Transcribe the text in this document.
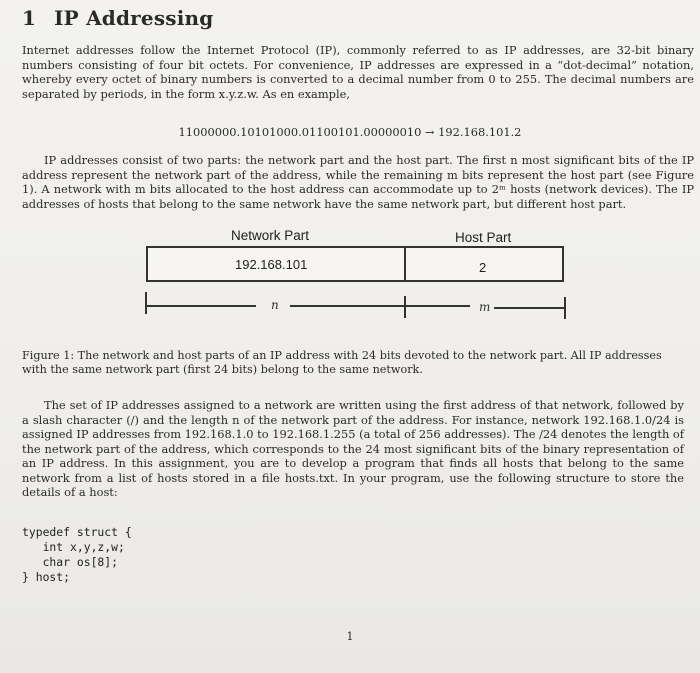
1 IP Addressing

Internet addresses follow the Internet Protocol (IP), commonly referred to as IP addresses, are 32-bit binary numbers consisting of four bit octets. For convenience, IP addresses are expressed in a “dot-decimal” notation, whereby every octet of binary numbers is converted to a decimal number from 0 to 255. The decimal numbers are separated by periods, in the form x.y.z.w. As en example,

11000000.10101000.01100101.00000010 → 192.168.101.2

IP addresses consist of two parts: the network part and the host part. The first n most significant bits of the IP address represent the network part of the address, while the remaining m bits represent the host part (see Figure 1). A network with m bits allocated to the host address can accommodate up to 2ᵐ hosts (network devices). The IP addresses of hosts that belong to the same network have the same network part, but different host part.

Network Part	Host Part
192.168.101	2
n	m

Figure 1: The network and host parts of an IP address with 24 bits devoted to the network part. All IP addresses with the same network part (first 24 bits) belong to the same network.

The set of IP addresses assigned to a network are written using the first address of that network, followed by a slash character (/) and the length n of the network part of the address. For instance, network 192.168.1.0/24 is assigned IP addresses from 192.168.1.0 to 192.168.1.255 (a total of 256 addresses). The /24 denotes the length of the network part of the address, which corresponds to the 24 most significant bits of the binary representation of an IP address. In this assignment, you are to develop a program that finds all hosts that belong to the same network from a list of hosts stored in a file hosts.txt. In your program, use the following structure to store the details of a host:

typedef struct {
int x,y,z,w;
char os[8];
} host;
1
